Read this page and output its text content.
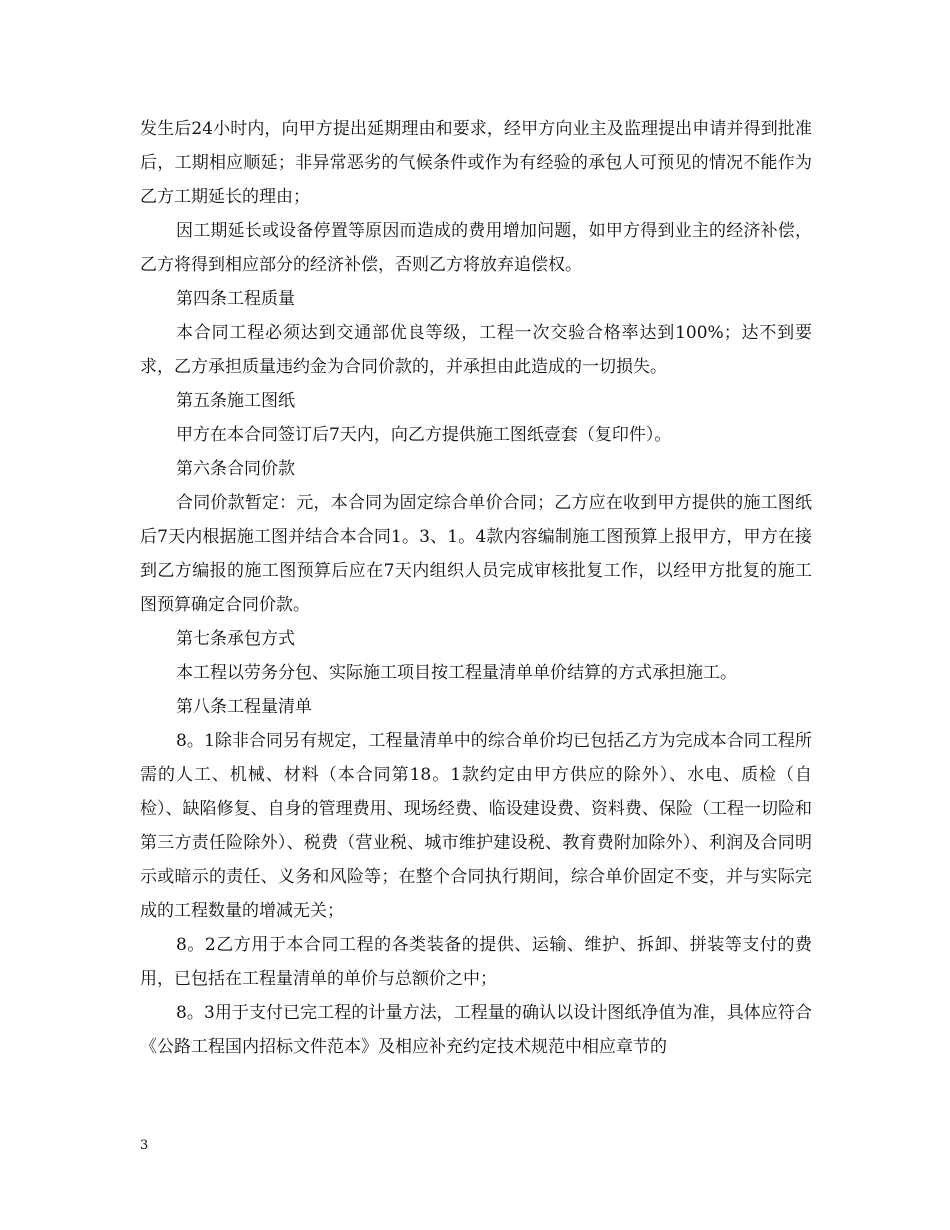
发生后24小时内，向甲方提出延期理由和要求，经甲方向业主及监理提出申请并得到批准后，工期相应顺延；非异常恶劣的气候条件或作为有经验的承包人可预见的情况不能作为乙方工期延长的理由；

因工期延长或设备停置等原因而造成的费用增加问题，如甲方得到业主的经济补偿，乙方将得到相应部分的经济补偿，否则乙方将放弃追偿权。

第四条工程质量

本合同工程必须达到交通部优良等级，工程一次交验合格率达到100%；达不到要求，乙方承担质量违约金为合同价款的，并承担由此造成的一切损失。

第五条施工图纸

甲方在本合同签订后7天内，向乙方提供施工图纸壹套（复印件）。

第六条合同价款

合同价款暂定：元，本合同为固定综合单价合同；乙方应在收到甲方提供的施工图纸后7天内根据施工图并结合本合同1。3、1。4款内容编制施工图预算上报甲方，甲方在接到乙方编报的施工图预算后应在7天内组织人员完成审核批复工作，以经甲方批复的施工图预算确定合同价款。

第七条承包方式

本工程以劳务分包、实际施工项目按工程量清单单价结算的方式承担施工。

第八条工程量清单

8。1除非合同另有规定，工程量清单中的综合单价均已包括乙方为完成本合同工程所需的人工、机械、材料（本合同第18。1款约定由甲方供应的除外）、水电、质检（自检）、缺陷修复、自身的管理费用、现场经费、临设建设费、资料费、保险（工程一切险和第三方责任险除外）、税费（营业税、城市维护建设税、教育费附加除外）、利润及合同明示或暗示的责任、义务和风险等；在整个合同执行期间，综合单价固定不变，并与实际完成的工程数量的增减无关；

8。2乙方用于本合同工程的各类装备的提供、运输、维护、拆卸、拼装等支付的费用，已包括在工程量清单的单价与总额价之中；

8。3用于支付已完工程的计量方法，工程量的确认以设计图纸净值为准，具体应符合《公路工程国内招标文件范本》及相应补充约定技术规范中相应章节的

3
